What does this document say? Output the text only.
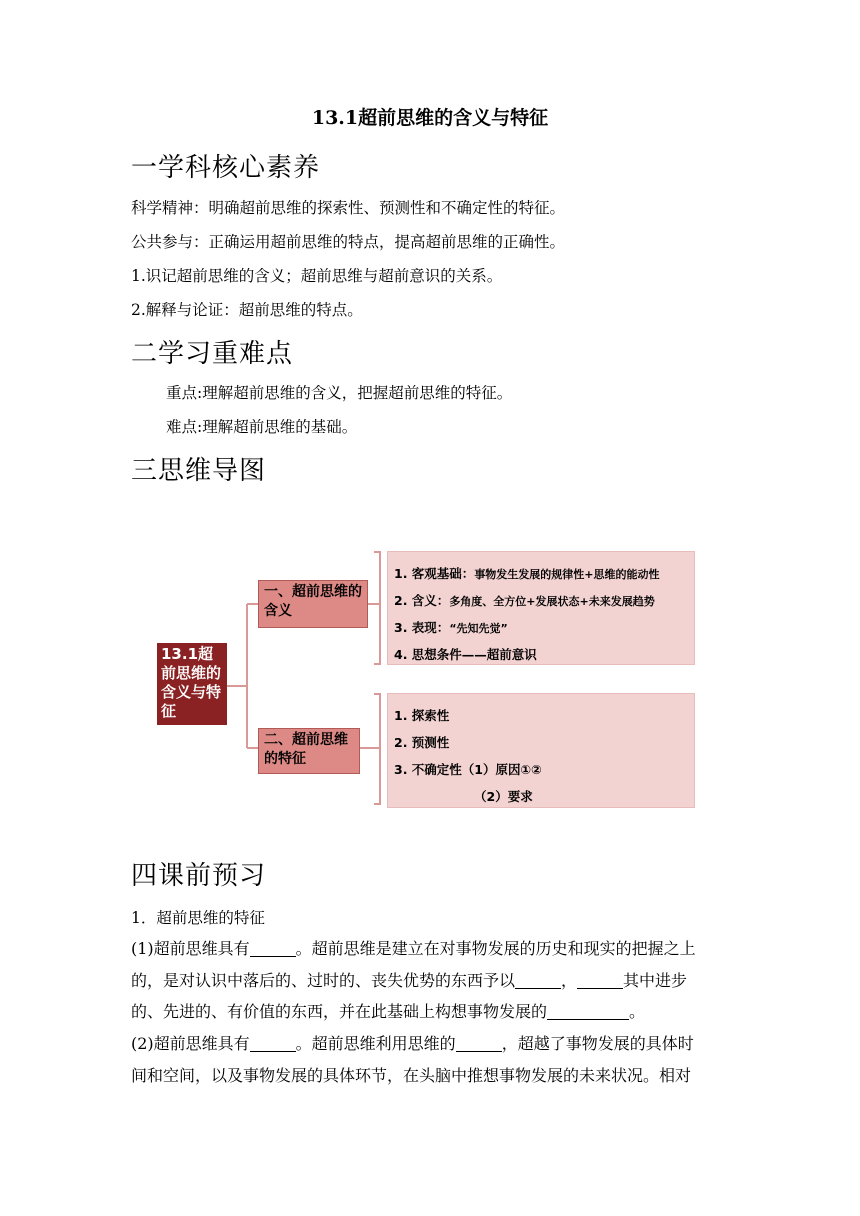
13.1超前思维的含义与特征
一学科核心素养
科学精神：明确超前思维的探索性、预测性和不确定性的特征。
公共参与：正确运用超前思维的特点，提高超前思维的正确性。
1.识记超前思维的含义；超前思维与超前意识的关系。
2.解释与论证：超前思维的特点。
二学习重难点
重点:理解超前思维的含义，把握超前思维的特征。
难点:理解超前思维的基础。
三思维导图
13.1超前思维的含义与特征
一、超前思维的含义
二、超前思维的特征
1. 客观基础：事物发生发展的规律性+思维的能动性
2. 含义：多角度、全方位+发展状态+未来发展趋势
3. 表现：“先知先觉”
4. 思想条件——超前意识
1. 探索性
2. 预测性
3. 不确定性（1）原因①②
（2）要求
四课前预习
1．超前思维的特征

(1)超前思维具有	。超前思维是建立在对事物发展的历史和现实的把握之上

的，是对认识中落后的、过时的、丧失优势的东西予以	，	其中进步

的、先进的、有价值的东西，并在此基础上构想事物发展的	。

(2)超前思维具有	。超前思维利用思维的	，超越了事物发展的具体时

间和空间，以及事物发展的具体环节，在头脑中推想事物发展的未来状况。相对
